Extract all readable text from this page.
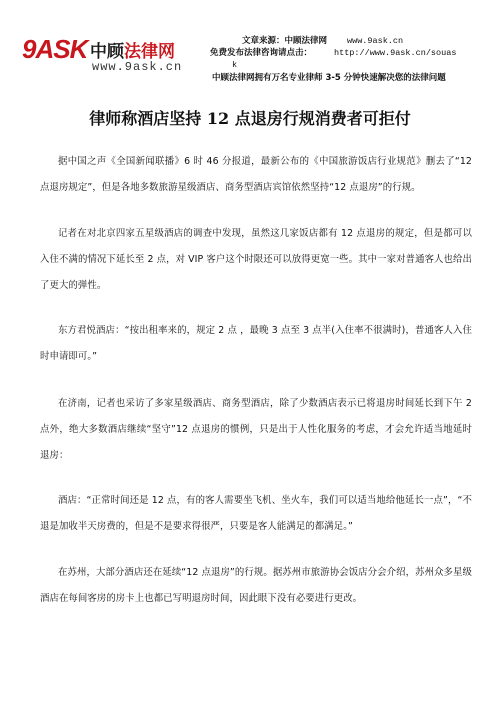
9ASK 中顾法律网
www.9ask.cn
文章来源：中顾法律网 www.9ask.cn
免费发布法律咨询请点击：	http://www.9ask.cn/souas
k
中顾法律网拥有万名专业律师 3-5 分钟快速解决您的法律问题
律师称酒店坚持 12 点退房行规消费者可拒付
据中国之声《全国新闻联播》6 时 46 分报道，最新公布的《中国旅游饭店行业规范》删去了“12 点退房规定”，但是各地多数旅游星级酒店、商务型酒店宾馆依然坚持“12 点退房”的行规。
记者在对北京四家五星级酒店的调查中发现，虽然这几家饭店都有 12 点退房的规定，但是都可以入住不满的情况下延长至 2 点，对 VIP 客户这个时限还可以放得更宽一些。其中一家对普通客人也给出了更大的弹性。
东方君悦酒店：“按出租率来的，规定 2 点 ，最晚 3 点至 3 点半(入住率不很满时)，普通客人入住时申请即可。”
在济南，记者也采访了多家星级酒店、商务型酒店，除了少数酒店表示已将退房时间延长到下午 2 点外，绝大多数酒店继续“坚守”12 点退房的惯例，只是出于人性化服务的考虑，才会允许适当地延时退房：
酒店：“正常时间还是 12 点，有的客人需要坐飞机、坐火车，我们可以适当地给他延长一点”，“不退是加收半天房费的，但是不是要求得很严，只要是客人能满足的都满足。”
在苏州，大部分酒店还在延续“12 点退房”的行规。据苏州市旅游协会饭店分会介绍，苏州众多星级酒店在每间客房的房卡上也都已写明退房时间，因此眼下没有必要进行更改。
